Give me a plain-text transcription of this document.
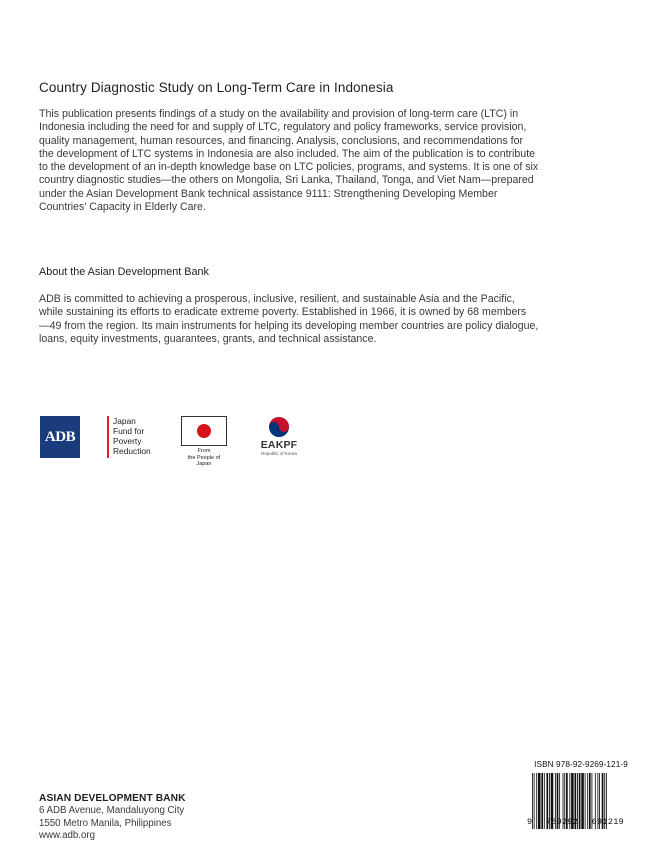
Country Diagnostic Study on Long-Term Care in Indonesia
This publication presents findings of a study on the availability and provision of long-term care (LTC) in Indonesia including the need for and supply of LTC, regulatory and policy frameworks, service provision, quality management, human resources, and financing. Analysis, conclusions, and recommendations for the development of LTC systems in Indonesia are also included. The aim of the publication is to contribute to the development of an in-depth knowledge base on LTC policies, programs, and systems. It is one of six country diagnostic studies—the others on Mongolia, Sri Lanka, Thailand, Tonga, and Viet Nam—prepared under the Asian Development Bank technical assistance 9111: Strengthening Developing Member Countries' Capacity in Elderly Care.
About the Asian Development Bank
ADB is committed to achieving a prosperous, inclusive, resilient, and sustainable Asia and the Pacific, while sustaining its efforts to eradicate extreme poverty. Established in 1966, it is owned by 68 members —49 from the region. Its main instruments for helping its developing member countries are policy dialogue, loans, equity investments, guarantees, grants, and technical assistance.
ADB
Japan
Fund for
Poverty
Reduction	From
the People of Japan
EAKPF
Republic of Korea
ASIAN DEVELOPMENT BANK
6 ADB Avenue, Mandaluyong City
1550 Metro Manila, Philippines
www.adb.org
ISBN 978-92-9269-121-9
9 789292 691219
